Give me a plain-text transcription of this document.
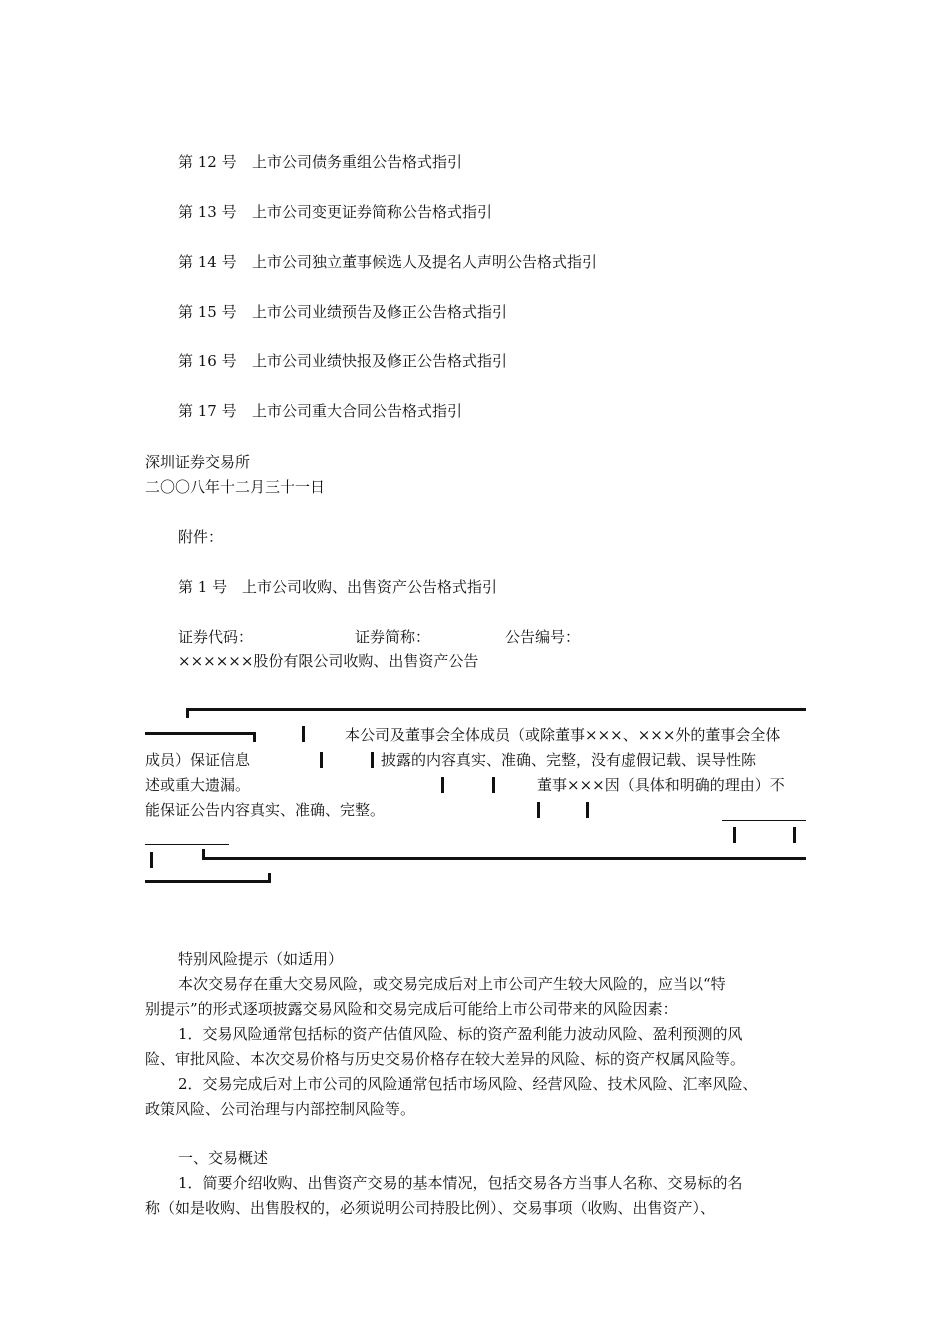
第 12 号 上市公司债务重组公告格式指引
第 13 号 上市公司变更证券简称公告格式指引
第 14 号 上市公司独立董事候选人及提名人声明公告格式指引
第 15 号 上市公司业绩预告及修正公告格式指引
第 16 号 上市公司业绩快报及修正公告格式指引
第 17 号 上市公司重大合同公告格式指引
深圳证券交易所
二〇〇八年十二月三十一日
附件：
第 1 号 上市公司收购、出售资产公告格式指引
证券代码：	证券简称：	公告编号：
××××××股份有限公司收购、出售资产公告
本公司及董事会全体成员（或除董事×××、×××外的董事会全体
成员）保证信息	披露的内容真实、准确、完整，没有虚假记载、误导性陈
述或重大遗漏。	董事×××因（具体和明确的理由）不
能保证公告内容真实、准确、完整。
特别风险提示（如适用）
本次交易存在重大交易风险，或交易完成后对上市公司产生较大风险的，应当以“特
别提示”的形式逐项披露交易风险和交易完成后可能给上市公司带来的风险因素：
1．交易风险通常包括标的资产估值风险、标的资产盈利能力波动风险、盈利预测的风
险、审批风险、本次交易价格与历史交易价格存在较大差异的风险、标的资产权属风险等。
2．交易完成后对上市公司的风险通常包括市场风险、经营风险、技术风险、汇率风险、
政策风险、公司治理与内部控制风险等。
一、交易概述
1．简要介绍收购、出售资产交易的基本情况，包括交易各方当事人名称、交易标的名
称（如是收购、出售股权的，必须说明公司持股比例）、交易事项（收购、出售资产）、
